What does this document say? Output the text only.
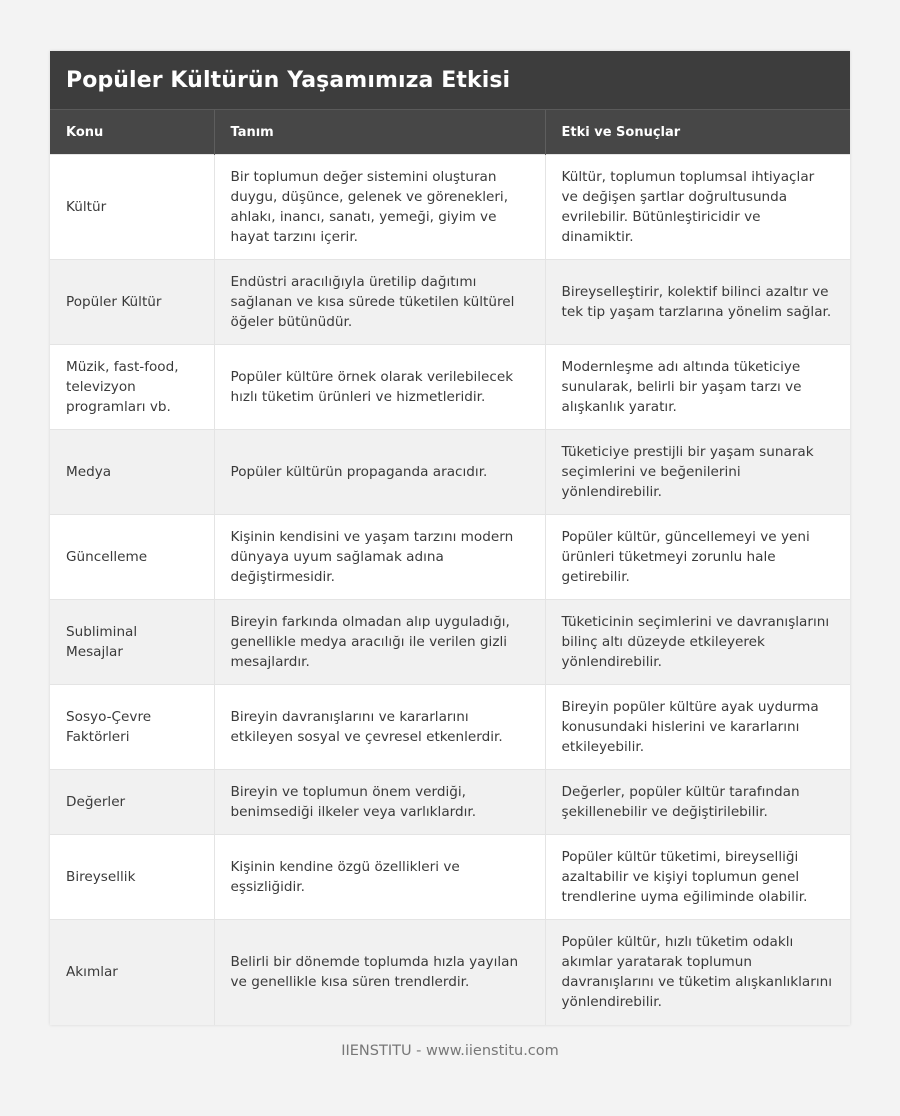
Popüler Kültürün Yaşamımıza Etkisi
Konu	Tanım	Etki ve Sonuçlar
Kültür	Bir toplumun değer sistemini oluşturan duygu, düşünce, gelenek ve görenekleri, ahlakı, inancı, sanatı, yemeği, giyim ve hayat tarzını içerir.	Kültür, toplumun toplumsal ihtiyaçlar ve değişen şartlar doğrultusunda evrilebilir. Bütünleştiricidir ve dinamiktir.
Popüler Kültür	Endüstri aracılığıyla üretilip dağıtımı sağlanan ve kısa sürede tüketilen kültürel öğeler bütünüdür.	Bireyselleştirir, kolektif bilinci azaltır ve tek tip yaşam tarzlarına yönelim sağlar.
Müzik, fast-food, televizyon programları vb.	Popüler kültüre örnek olarak verilebilecek hızlı tüketim ürünleri ve hizmetleridir.	Modernleşme adı altında tüketiciye sunularak, belirli bir yaşam tarzı ve alışkanlık yaratır.
Medya	Popüler kültürün propaganda aracıdır.	Tüketiciye prestijli bir yaşam sunarak seçimlerini ve beğenilerini yönlendirebilir.
Güncelleme	Kişinin kendisini ve yaşam tarzını modern dünyaya uyum sağlamak adına değiştirmesidir.	Popüler kültür, güncellemeyi ve yeni ürünleri tüketmeyi zorunlu hale getirebilir.
Subliminal Mesajlar	Bireyin farkında olmadan alıp uyguladığı, genellikle medya aracılığı ile verilen gizli mesajlardır.	Tüketicinin seçimlerini ve davranışlarını bilinç altı düzeyde etkileyerek yönlendirebilir.
Sosyo-Çevre Faktörleri	Bireyin davranışlarını ve kararlarını etkileyen sosyal ve çevresel etkenlerdir.	Bireyin popüler kültüre ayak uydurma konusundaki hislerini ve kararlarını etkileyebilir.
Değerler	Bireyin ve toplumun önem verdiği, benimsediği ilkeler veya varlıklardır.	Değerler, popüler kültür tarafından şekillenebilir ve değiştirilebilir.
Bireysellik	Kişinin kendine özgü özellikleri ve eşsizliğidir.	Popüler kültür tüketimi, bireyselliği azaltabilir ve kişiyi toplumun genel trendlerine uyma eğiliminde olabilir.
Akımlar	Belirli bir dönemde toplumda hızla yayılan ve genellikle kısa süren trendlerdir.	Popüler kültür, hızlı tüketim odaklı akımlar yaratarak toplumun davranışlarını ve tüketim alışkanlıklarını yönlendirebilir.
IIENSTITU - www.iienstitu.com
